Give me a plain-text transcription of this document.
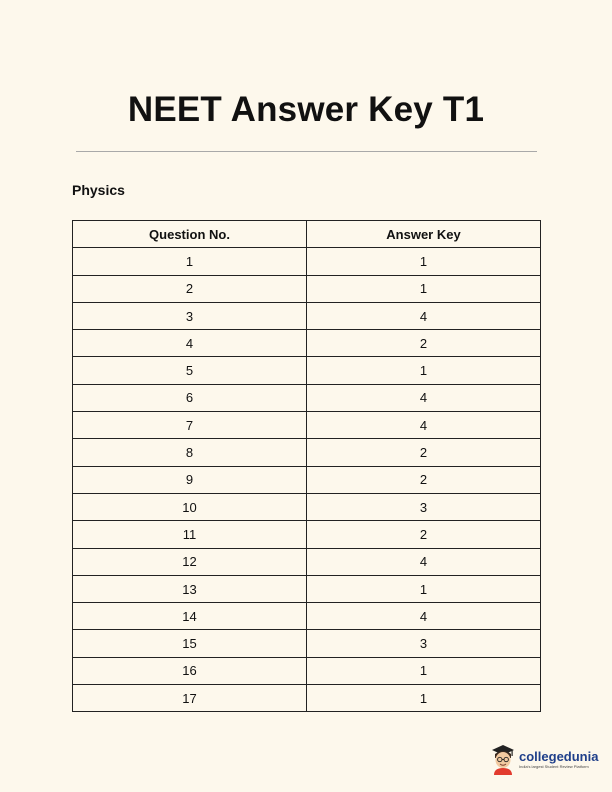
NEET Answer Key T1
Physics
Question No.	Answer Key
1	1
2	1
3	4
4	2
5	1
6	4
7	4
8	2
9	2
10	3
11	2
12	4
13	1
14	4
15	3
16	1
17	1
collegedunia
India's largest Student Review Platform
